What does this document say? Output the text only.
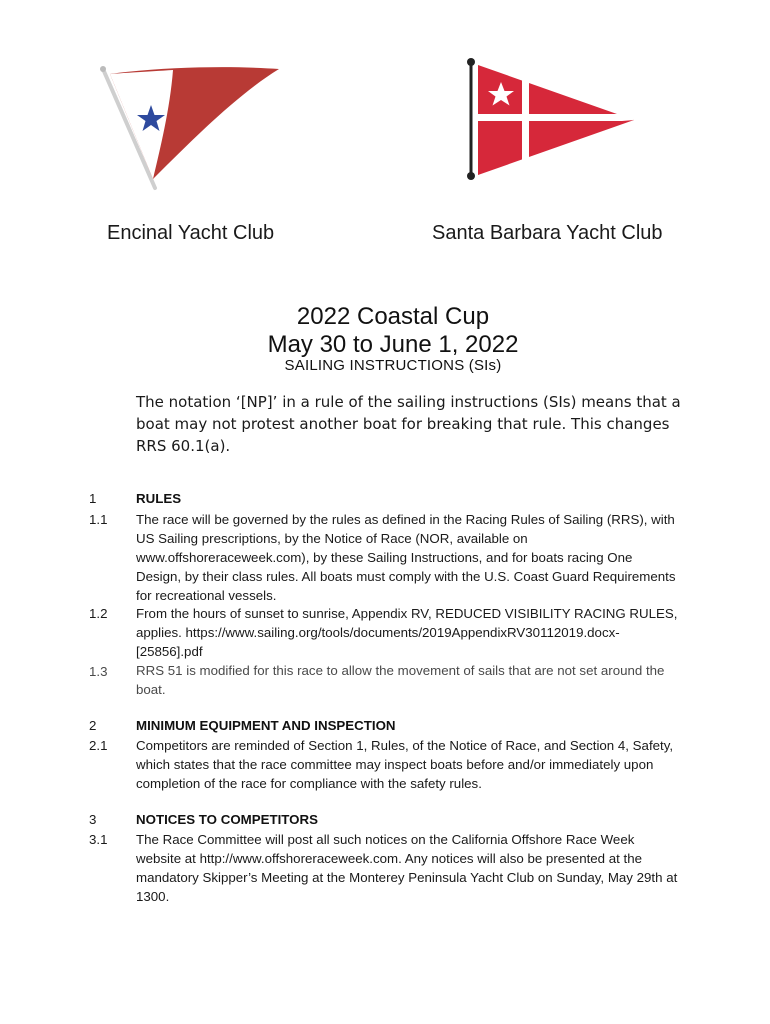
Encinal Yacht Club	Santa Barbara Yacht Club
2022 Coastal Cup
May 30 to June 1, 2022
SAILING INSTRUCTIONS (SIs)
The notation ‘[NP]’ in a rule of the sailing instructions (SIs) means that a boat may not protest another boat for breaking that rule. This changes RRS 60.1(a).
1	RULES
1.1 The race will be governed by the rules as defined in the Racing Rules of Sailing (RRS), with US Sailing prescriptions, by the Notice of Race (NOR, available on www.offshoreraceweek.com), by these Sailing Instructions, and for boats racing One Design, by their class rules. All boats must comply with the U.S. Coast Guard Requirements for recreational vessels.
1.2 From the hours of sunset to sunrise, Appendix RV, REDUCED VISIBILITY RACING RULES, applies. https://www.sailing.org/tools/documents/2019AppendixRV30112019.docx-[25856].pdf
1.3 RRS 51 is modified for this race to allow the movement of sails that are not set around the boat.
2	MINIMUM EQUIPMENT AND INSPECTION
2.1 Competitors are reminded of Section 1, Rules, of the Notice of Race, and Section 4, Safety, which states that the race committee may inspect boats before and/or immediately upon completion of the race for compliance with the safety rules.
3	NOTICES TO COMPETITORS
3.1 The Race Committee will post all such notices on the California Offshore Race Week website at http://www.offshoreraceweek.com. Any notices will also be presented at the mandatory Skipper’s Meeting at the Monterey Peninsula Yacht Club on Sunday, May 29th at 1300.
